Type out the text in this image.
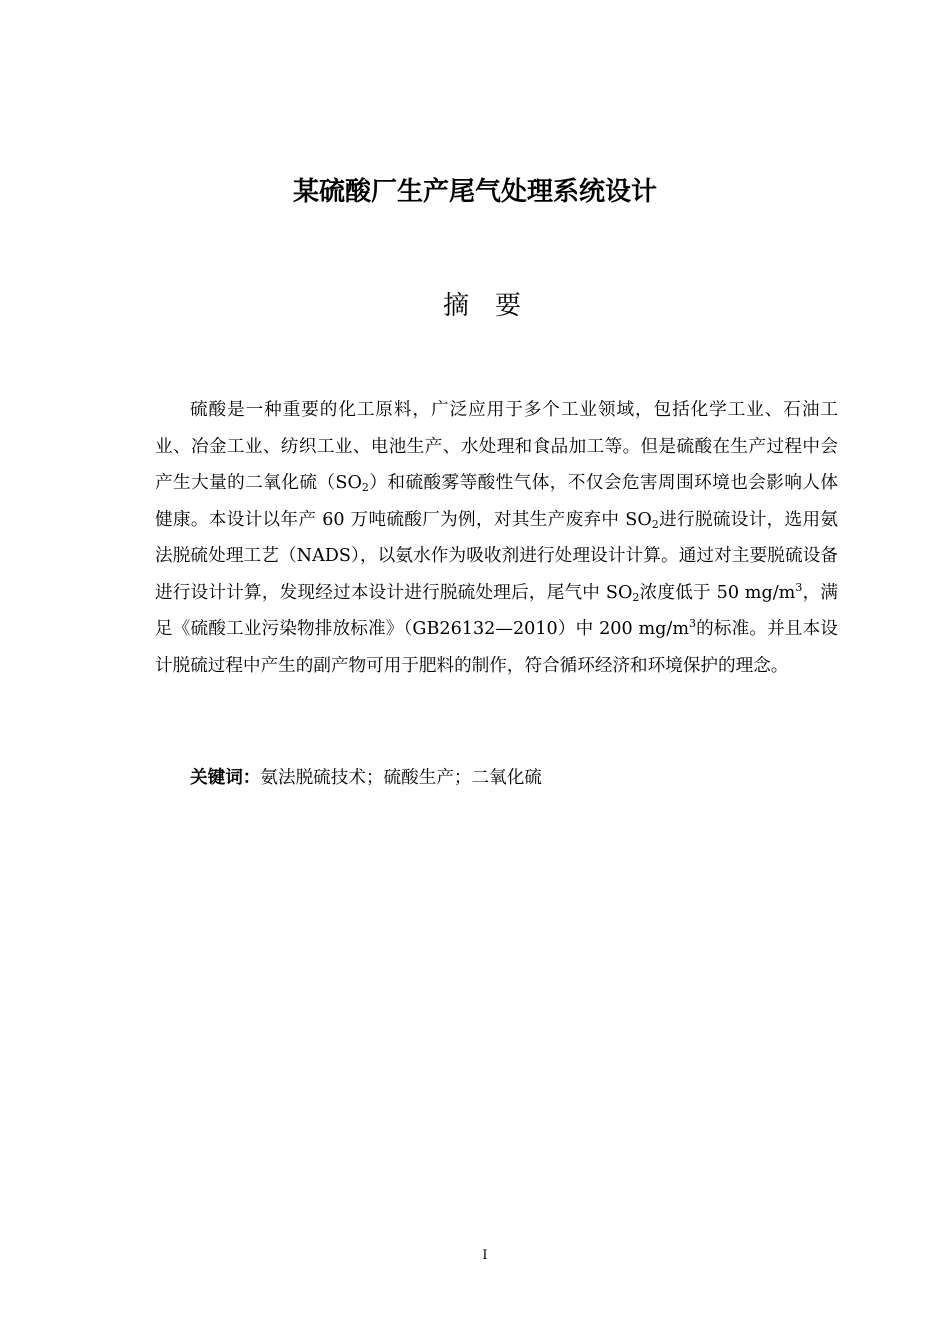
某硫酸厂生产尾气处理系统设计
摘要

硫酸是一种重要的化工原料，广泛应用于多个工业领域，包括化学工业、石油工业、冶金工业、纺织工业、电池生产、水处理和食品加工等。但是硫酸在生产过程中会产生大量的二氧化硫$(SO_2)$和硫酸雾等酸性气体，不仅会危害周围环境也会影响人体健康。本设计以年产 60 万吨硫酸厂为例，对其生产废弃中 $SO_2$进行脱硫设计，选用氨法脱硫处理工艺（NADS），以氨水作为吸收剂进行处理设计计算。通过对主要脱硫设备进行设计计算，发现经过本设计进行脱硫处理后，尾气中 $SO_2$浓度低于 50 $mg/m^3$，满足《硫酸工业污染物排放标准》（GB26132—2010）中 200 $mg/m^3$的标准。并且本设计脱硫过程中产生的副产物可用于肥料的制作，符合循环经济和环境保护的理念。

关键词：氨法脱硫技术；硫酸生产；二氧化硫
I
